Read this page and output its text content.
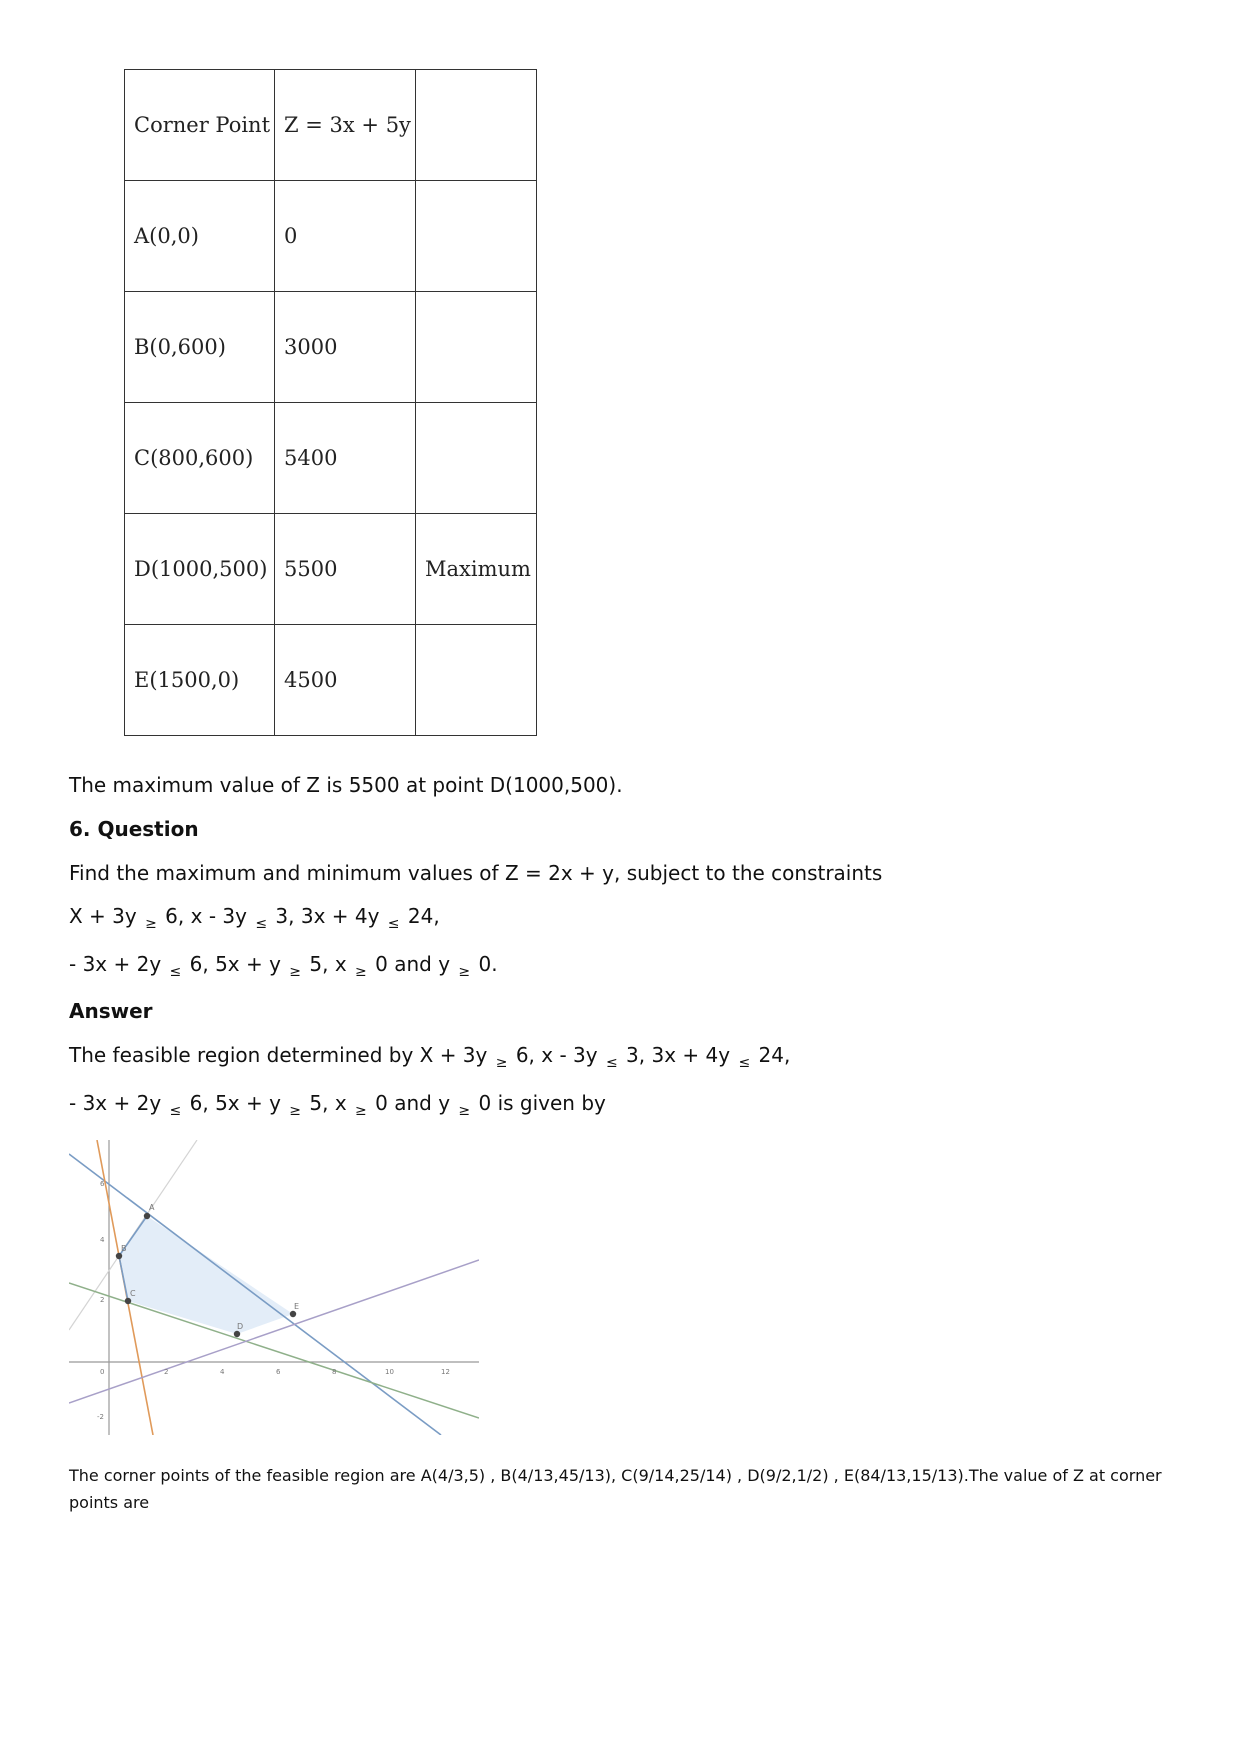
Corner Point	Z = 3x + 5y	
A(0,0)	0	
B(0,600)	3000	
C(800,600)	5400	
D(1000,500)	5500	Maximum
E(1500,0)	4500	
The maximum value of Z is 5500 at point D(1000,500).
6. Question
Find the maximum and minimum values of Z = 2x + y, subject to the constraints
X + 3y $_\ge$ 6, x - 3y $_\le$ 3, 3x + 4y $_\le$ 24,
- 3x + 2y $_\le$ 6, 5x + y $_\ge$ 5, x $_\ge$ 0 and y $_\ge$ 0.
Answer
The feasible region determined by X + 3y $_\ge$ 6, x - 3y $_\le$ 3, 3x + 4y $_\le$ 24,
- 3x + 2y $_\le$ 6, 5x + y $_\ge$ 5, x $_\ge$ 0 and y $_\ge$ 0 is given by
0	2	4	6	8	10	12
6
4
2
-2
A
B
C
D
E
The corner points of the feasible region are A(4/3,5) , B(4/13,45/13), C(9/14,25/14) , D(9/2,1/2) , E(84/13,15/13).The value of Z at corner points are
